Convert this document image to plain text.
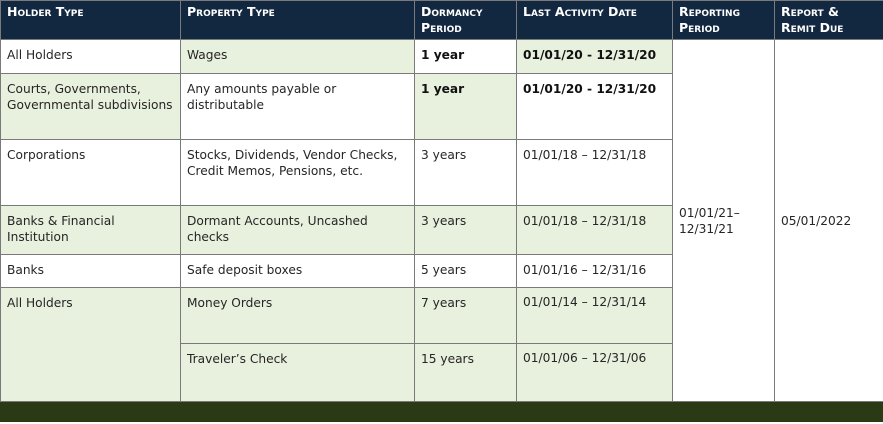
Holder Type	Property Type	Dormancy Period	Last Activity Date	Reporting Period	Report & Remit Due
All Holders	Wages	1 year	01/01/20 - 12/31/20	01/01/21– 12/31/21	05/01/2022
Courts, Governments, Governmental subdivisions	Any amounts payable or distributable	1 year	01/01/20 - 12/31/20		
Corporations	Stocks, Dividends, Vendor Checks, Credit Memos, Pensions, etc.	3 years	01/01/18 – 12/31/18		
Banks & Financial Institution	Dormant Accounts, Uncashed checks	3 years	01/01/18 – 12/31/18		
Banks	Safe deposit boxes	5 years	01/01/16 – 12/31/16		
All Holders	Money Orders	7 years	01/01/14 – 12/31/14		
	Traveler’s Check	15 years	01/01/06 – 12/31/06		
